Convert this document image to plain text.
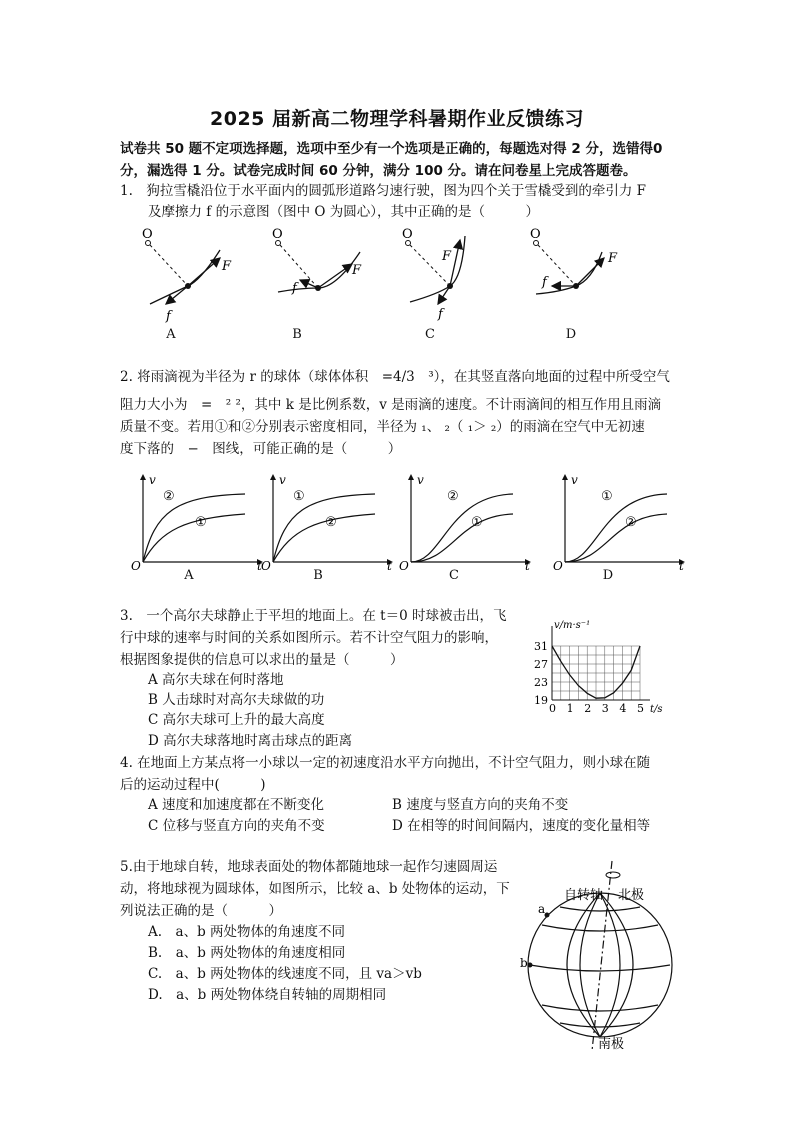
2025 届新高二物理学科暑期作业反馈练习
试卷共 50 题不定项选择题，选项中至少有一个选项是正确的，每题选对得 2 分，选错得0分，漏选得 1 分。试卷完成时间 60 分钟，满分 100 分。请在问卷星上完成答题卷。
1.　狗拉雪橇沿位于水平面内的圆弧形道路匀速行驶，图为四个关于雪橇受到的牵引力 F
及摩擦力 f 的示意图（图中 O 为圆心），其中正确的是（　　　）
O
F
f
O
F
f
O
F
f
O
F
f
A	B	C	D
2. 将雨滴视为半径为 r 的球体（球体体积　=4/3　³），在其竖直落向地面的过程中所受空气
阻力大小为　=　² ²，其中 k 是比例系数，v 是雨滴的速度。不计雨滴间的相互作用且雨滴
质量不变。若用①和②分别表示密度相同，半径为 ₁、 ₂（ ₁＞ ₂）的雨滴在空气中无初速
度下落的　−　图线，可能正确的是（　　　）
v
t
O
②
①
v
t
O
①
②
v
t
O
②
①
v
t
O
①
②
A	B	C	D
3.　一个高尔夫球静止于平坦的地面上。在 t＝0 时球被击出，飞
行中球的速率与时间的关系如图所示。若不计空气阻力的影响，
根据图象提供的信息可以求出的量是（　　　）
A 高尔夫球在何时落地
B 人击球时对高尔夫球做的功
C 高尔夫球可上升的最大高度
D 高尔夫球落地时离击球点的距离
0 1 2 3 4 5
19
23
27
31
v/m·s⁻¹
t/s
4. 在地面上方某点将一小球以一定的初速度沿水平方向抛出，不计空气阻力，则小球在随
后的运动过程中(　　　)
A 速度和加速度都在不断变化	B 速度与竖直方向的夹角不变
C 位移与竖直方向的夹角不变	D 在相等的时间间隔内，速度的变化量相等
5.由于地球自转，地球表面处的物体都随地球一起作匀速圆周运
动，将地球视为圆球体，如图所示，比较 a、b 处物体的运动，下
列说法正确的是（　　　）
A.　a、b 两处物体的角速度不同
B.　a、b 两处物体的角速度相同
C.　a、b 两处物体的线速度不同，且 va＞vb
D.　a、b 两处物体绕自转轴的周期相同
a
b
自转轴 北极
南极
